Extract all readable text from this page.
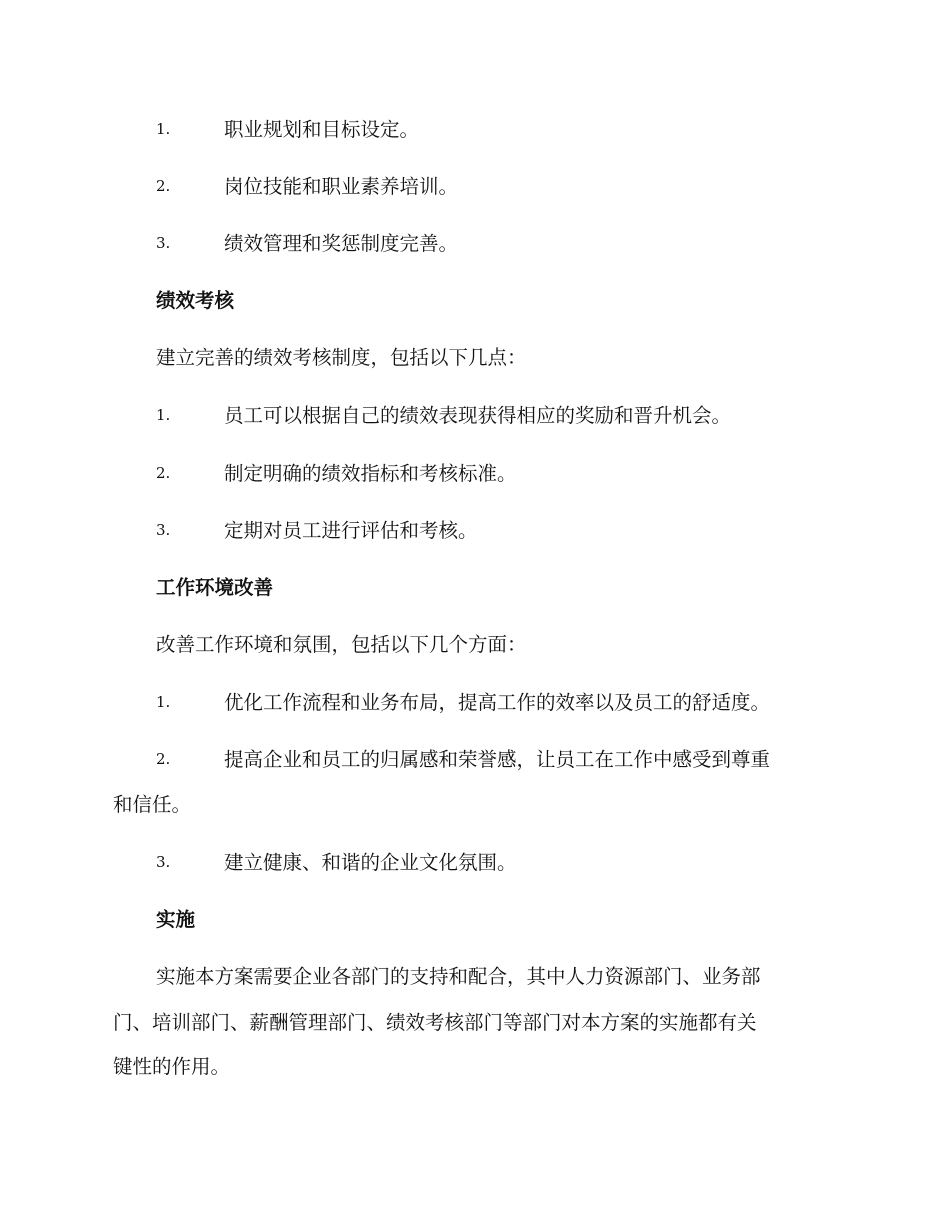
1.	职业规划和目标设定。
2.	岗位技能和职业素养培训。
3.	绩效管理和奖惩制度完善。
绩效考核
建立完善的绩效考核制度，包括以下几点：
1.	员工可以根据自己的绩效表现获得相应的奖励和晋升机会。
2.	制定明确的绩效指标和考核标准。
3.	定期对员工进行评估和考核。
工作环境改善
改善工作环境和氛围，包括以下几个方面：
1.	优化工作流程和业务布局，提高工作的效率以及员工的舒适度。
2.	提高企业和员工的归属感和荣誉感，让员工在工作中感受到尊重
和信任。
3.	建立健康、和谐的企业文化氛围。
实施
实施本方案需要企业各部门的支持和配合，其中人力资源部门、业务部
门、培训部门、薪酬管理部门、绩效考核部门等部门对本方案的实施都有关
键性的作用。
